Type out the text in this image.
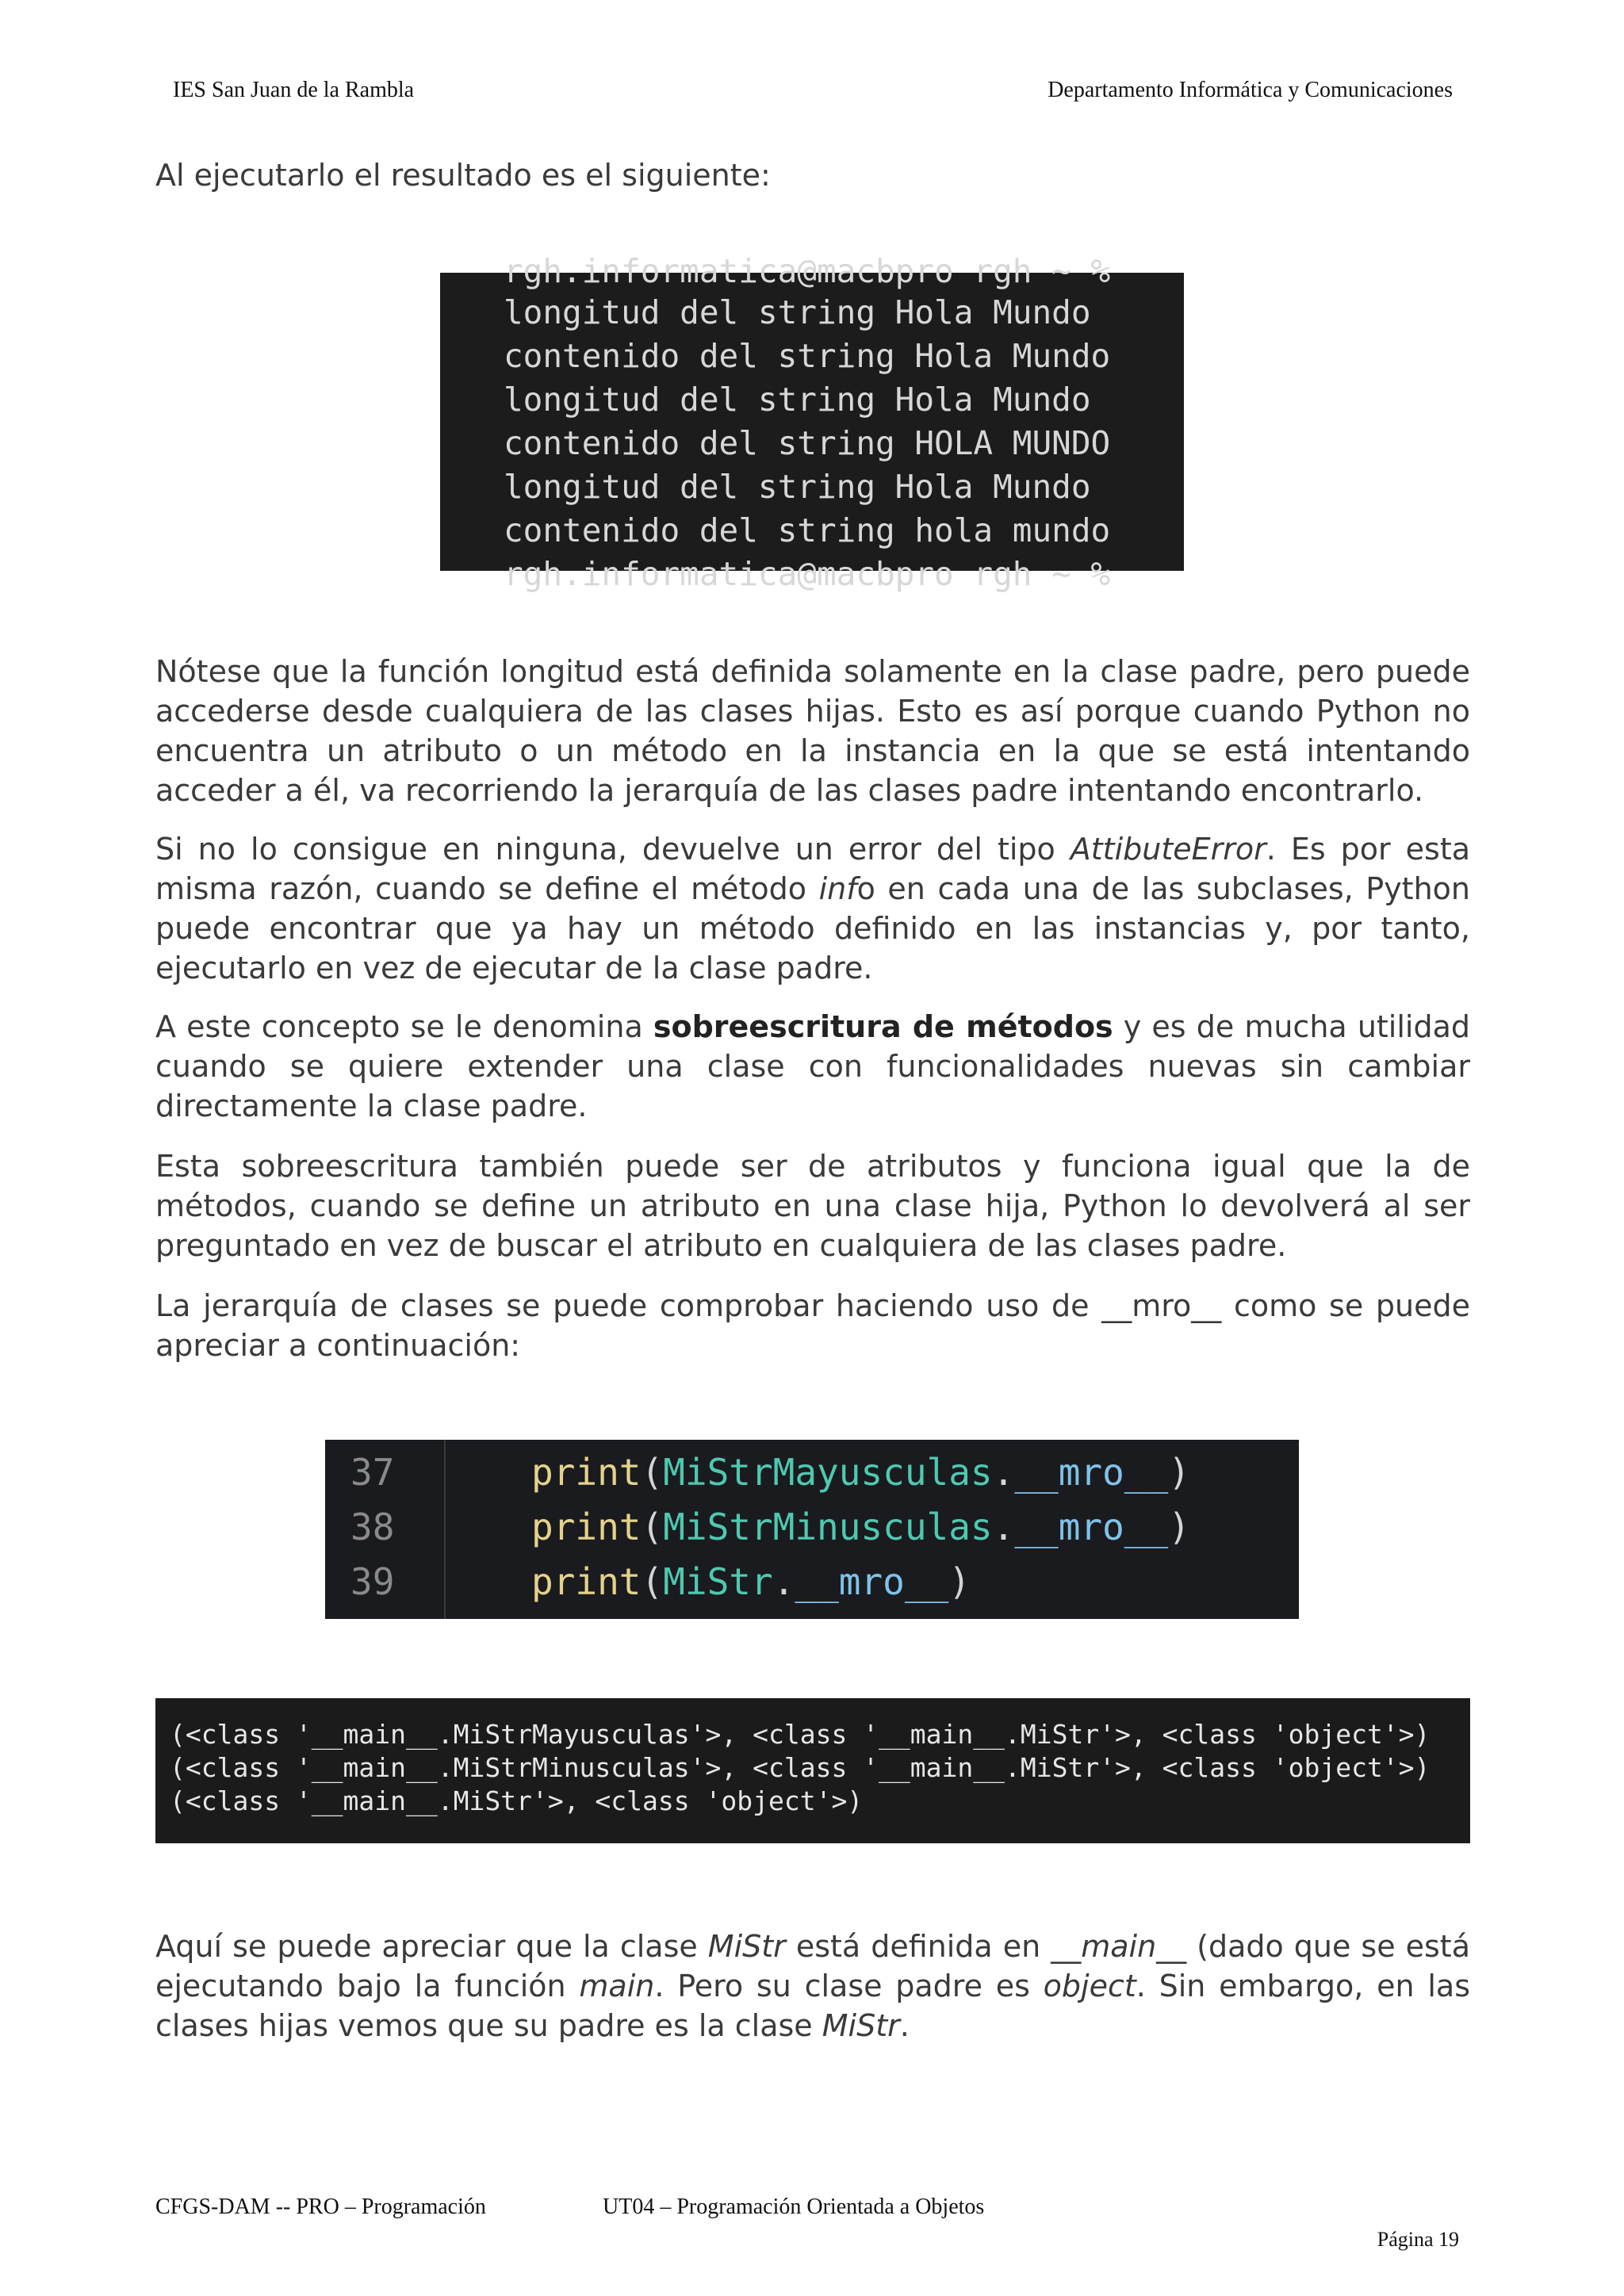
IES San Juan de la Rambla	Departamento Informática y Comunicaciones

Al ejecutarlo el resultado es el siguiente:

rgh.informatica@macbpro rgh ~ %
longitud del string Hola Mundo
contenido del string Hola Mundo
longitud del string Hola Mundo
contenido del string HOLA MUNDO
longitud del string Hola Mundo
contenido del string hola mundo
rgh.informatica@macbpro rgh ~ %

Nótese que la función longitud está definida solamente en la clase padre, pero puede accederse desde cualquiera de las clases hijas. Esto es así porque cuando Python no encuentra un atributo o un método en la instancia en la que se está intentando acceder a él, va recorriendo la jerarquía de las clases padre intentando encontrarlo.

Si no lo consigue en ninguna, devuelve un error del tipo AttibuteError. Es por esta misma razón, cuando se define el método info en cada una de las subclases, Python puede encontrar que ya hay un método definido en las instancias y, por tanto, ejecutarlo en vez de ejecutar de la clase padre.

A este concepto se le denomina sobreescritura de métodos y es de mucha utilidad cuando se quiere extender una clase con funcionalidades nuevas sin cambiar directamente la clase padre.

Esta sobreescritura también puede ser de atributos y funciona igual que la de métodos, cuando se define un atributo en una clase hija, Python lo devolverá al ser preguntado en vez de buscar el atributo en cualquiera de las clases padre.

La jerarquía de clases se puede comprobar haciendo uso de __mro__ como se puede apreciar a continuación:

37
38
39
print(MiStrMayusculas.__mro__)
print(MiStrMinusculas.__mro__)
print(MiStr.__mro__)
(<class '__main__.MiStrMayusculas'>, <class '__main__.MiStr'>, <class 'object'>)
(<class '__main__.MiStrMinusculas'>, <class '__main__.MiStr'>, <class 'object'>)
(<class '__main__.MiStr'>, <class 'object'>)

Aquí se puede apreciar que la clase MiStr está definida en __main__ (dado que se está ejecutando bajo la función main. Pero su clase padre es object. Sin embargo, en las clases hijas vemos que su padre es la clase MiStr.

CFGS-DAM -- PRO – Programación	UT04 – Programación Orientada a Objetos
Página 19
